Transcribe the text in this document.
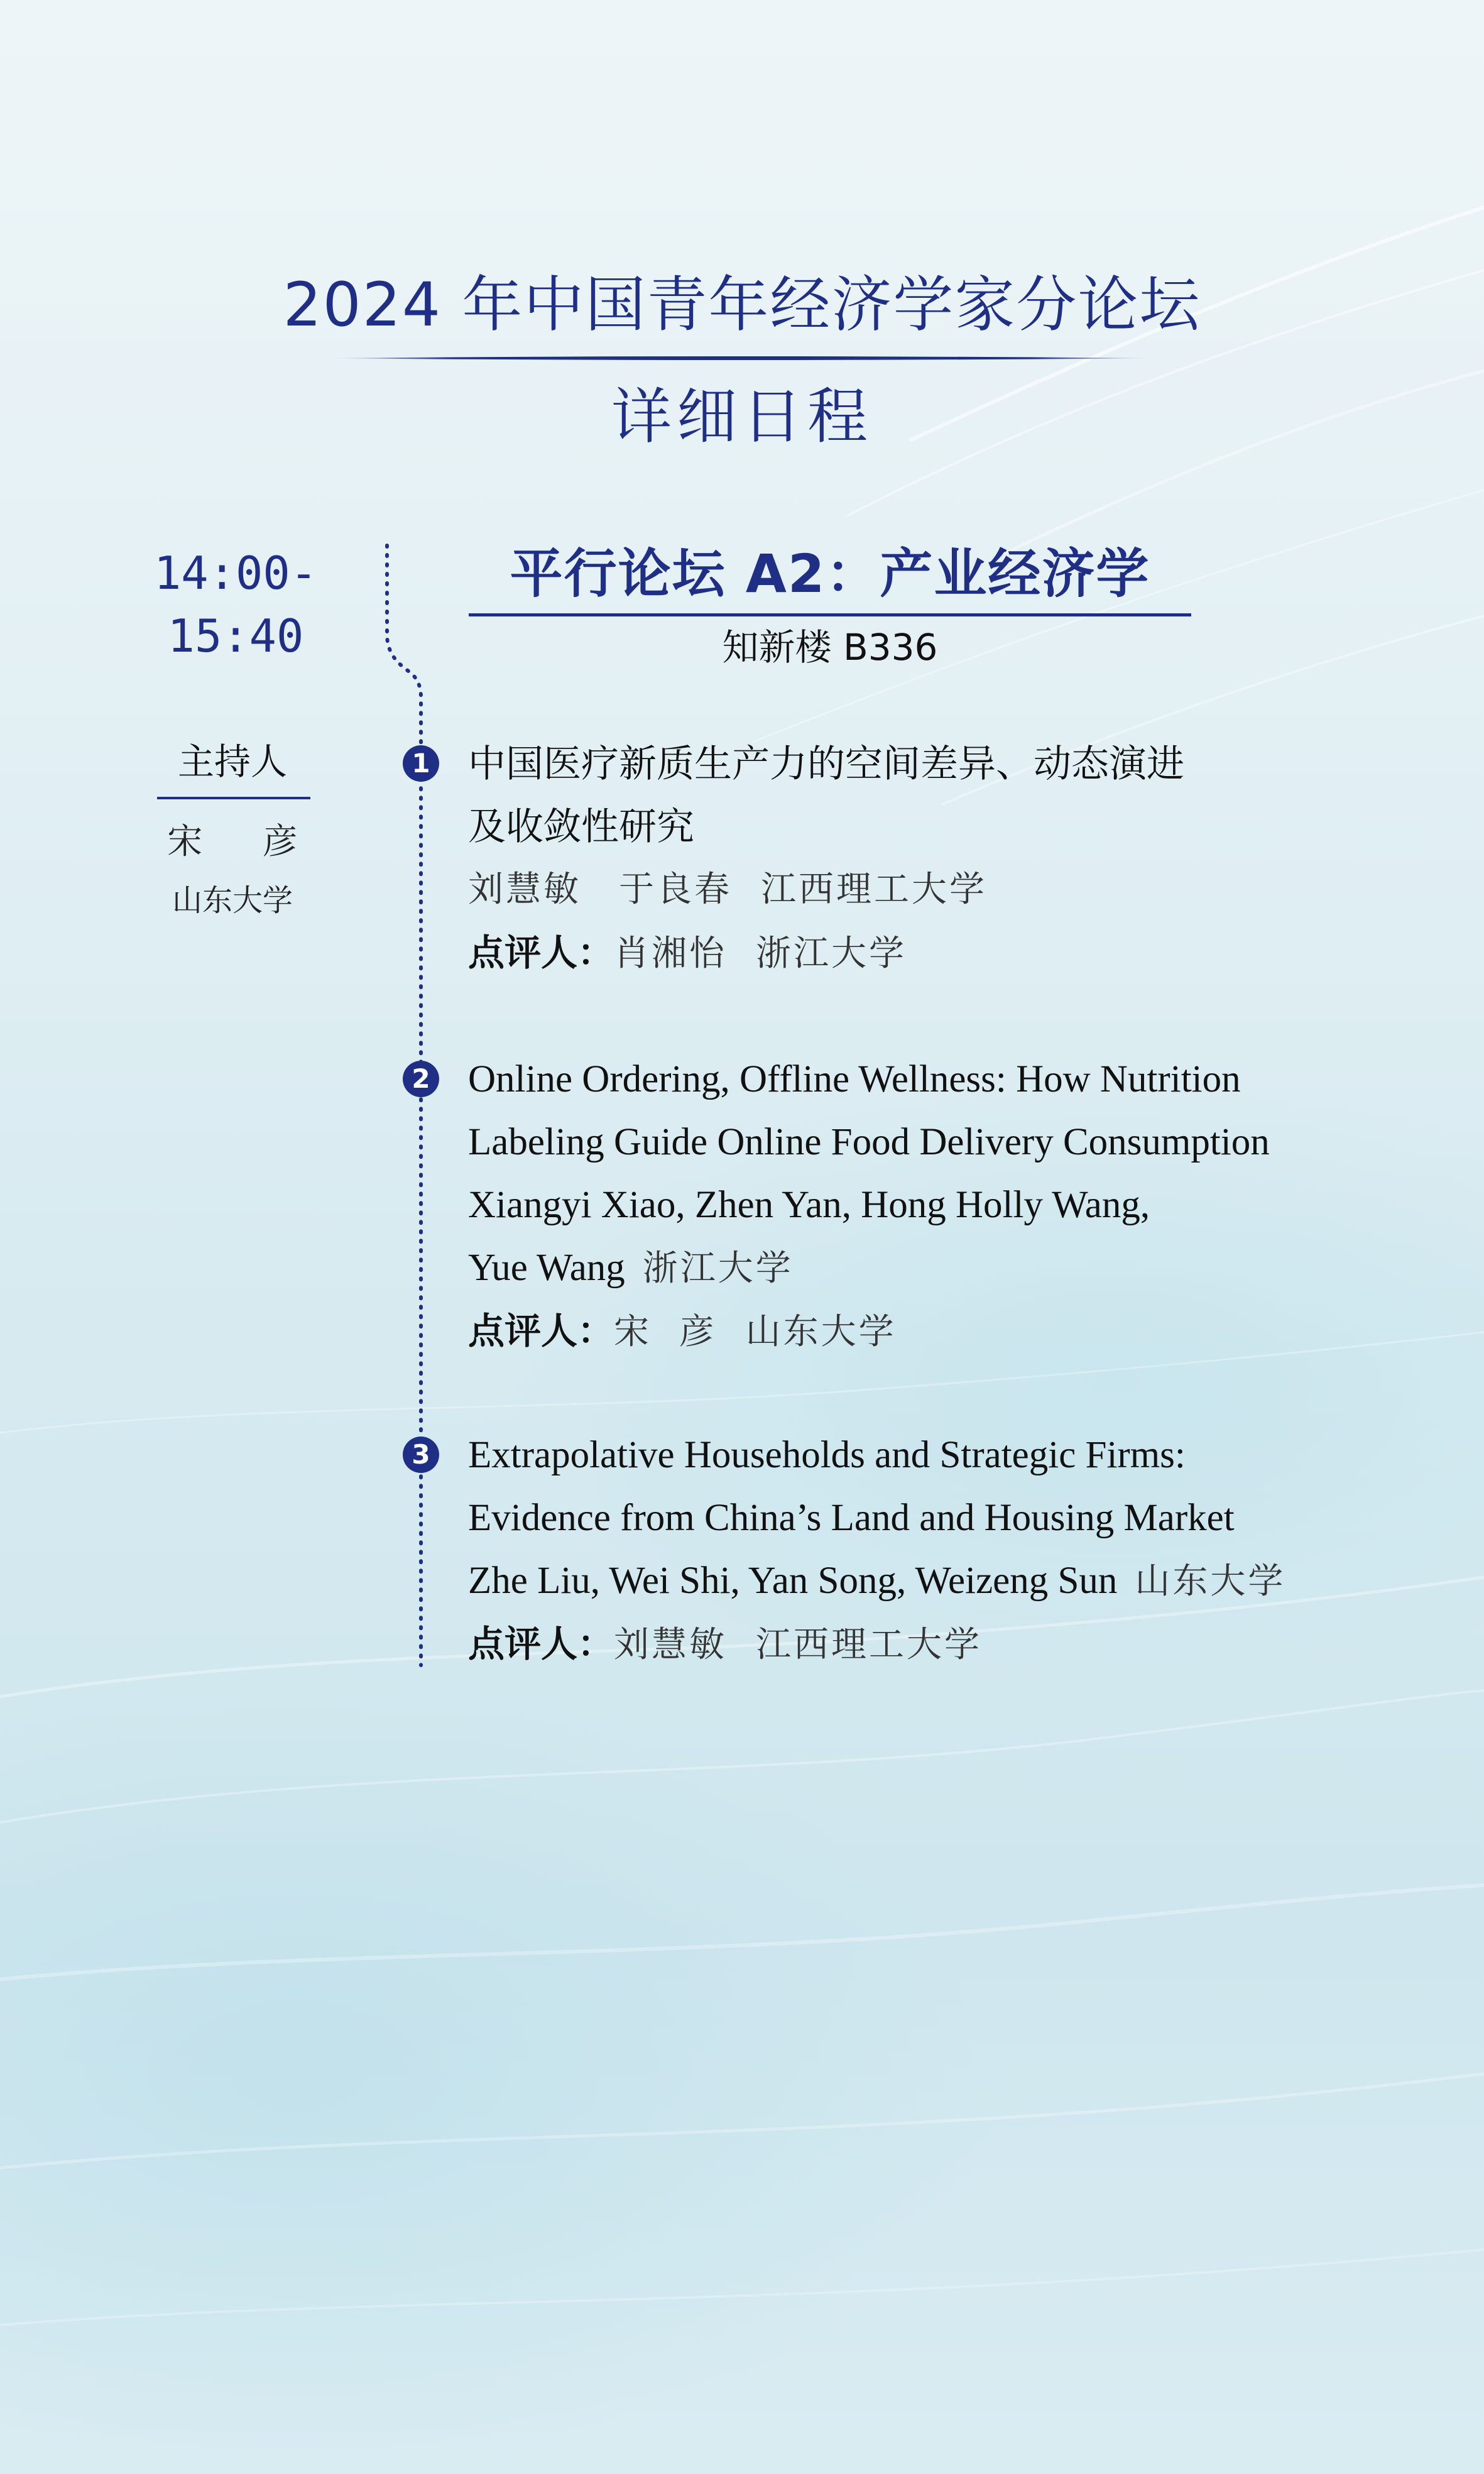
2024 年中国青年经济学家分论坛
详细日程
14:00-15:40
平行论坛 A2：产业经济学
知新楼 B336
主持人
宋  彦
山东大学
1 中国医疗新质生产力的空间差异、动态演进
及收敛性研究
刘慧敏　于良春 江西理工大学
点评人：肖湘怡 浙江大学
2 Online Ordering, Offline Wellness: How Nutrition
Labeling Guide Online Food Delivery Consumption
Xiangyi Xiao, Zhen Yan, Hong Holly Wang,
Yue Wang 浙江大学
点评人：宋  彦 山东大学
3 Extrapolative Households and Strategic Firms:
Evidence from China’s Land and Housing Market
Zhe Liu, Wei Shi, Yan Song, Weizeng Sun 山东大学
点评人：刘慧敏 江西理工大学
